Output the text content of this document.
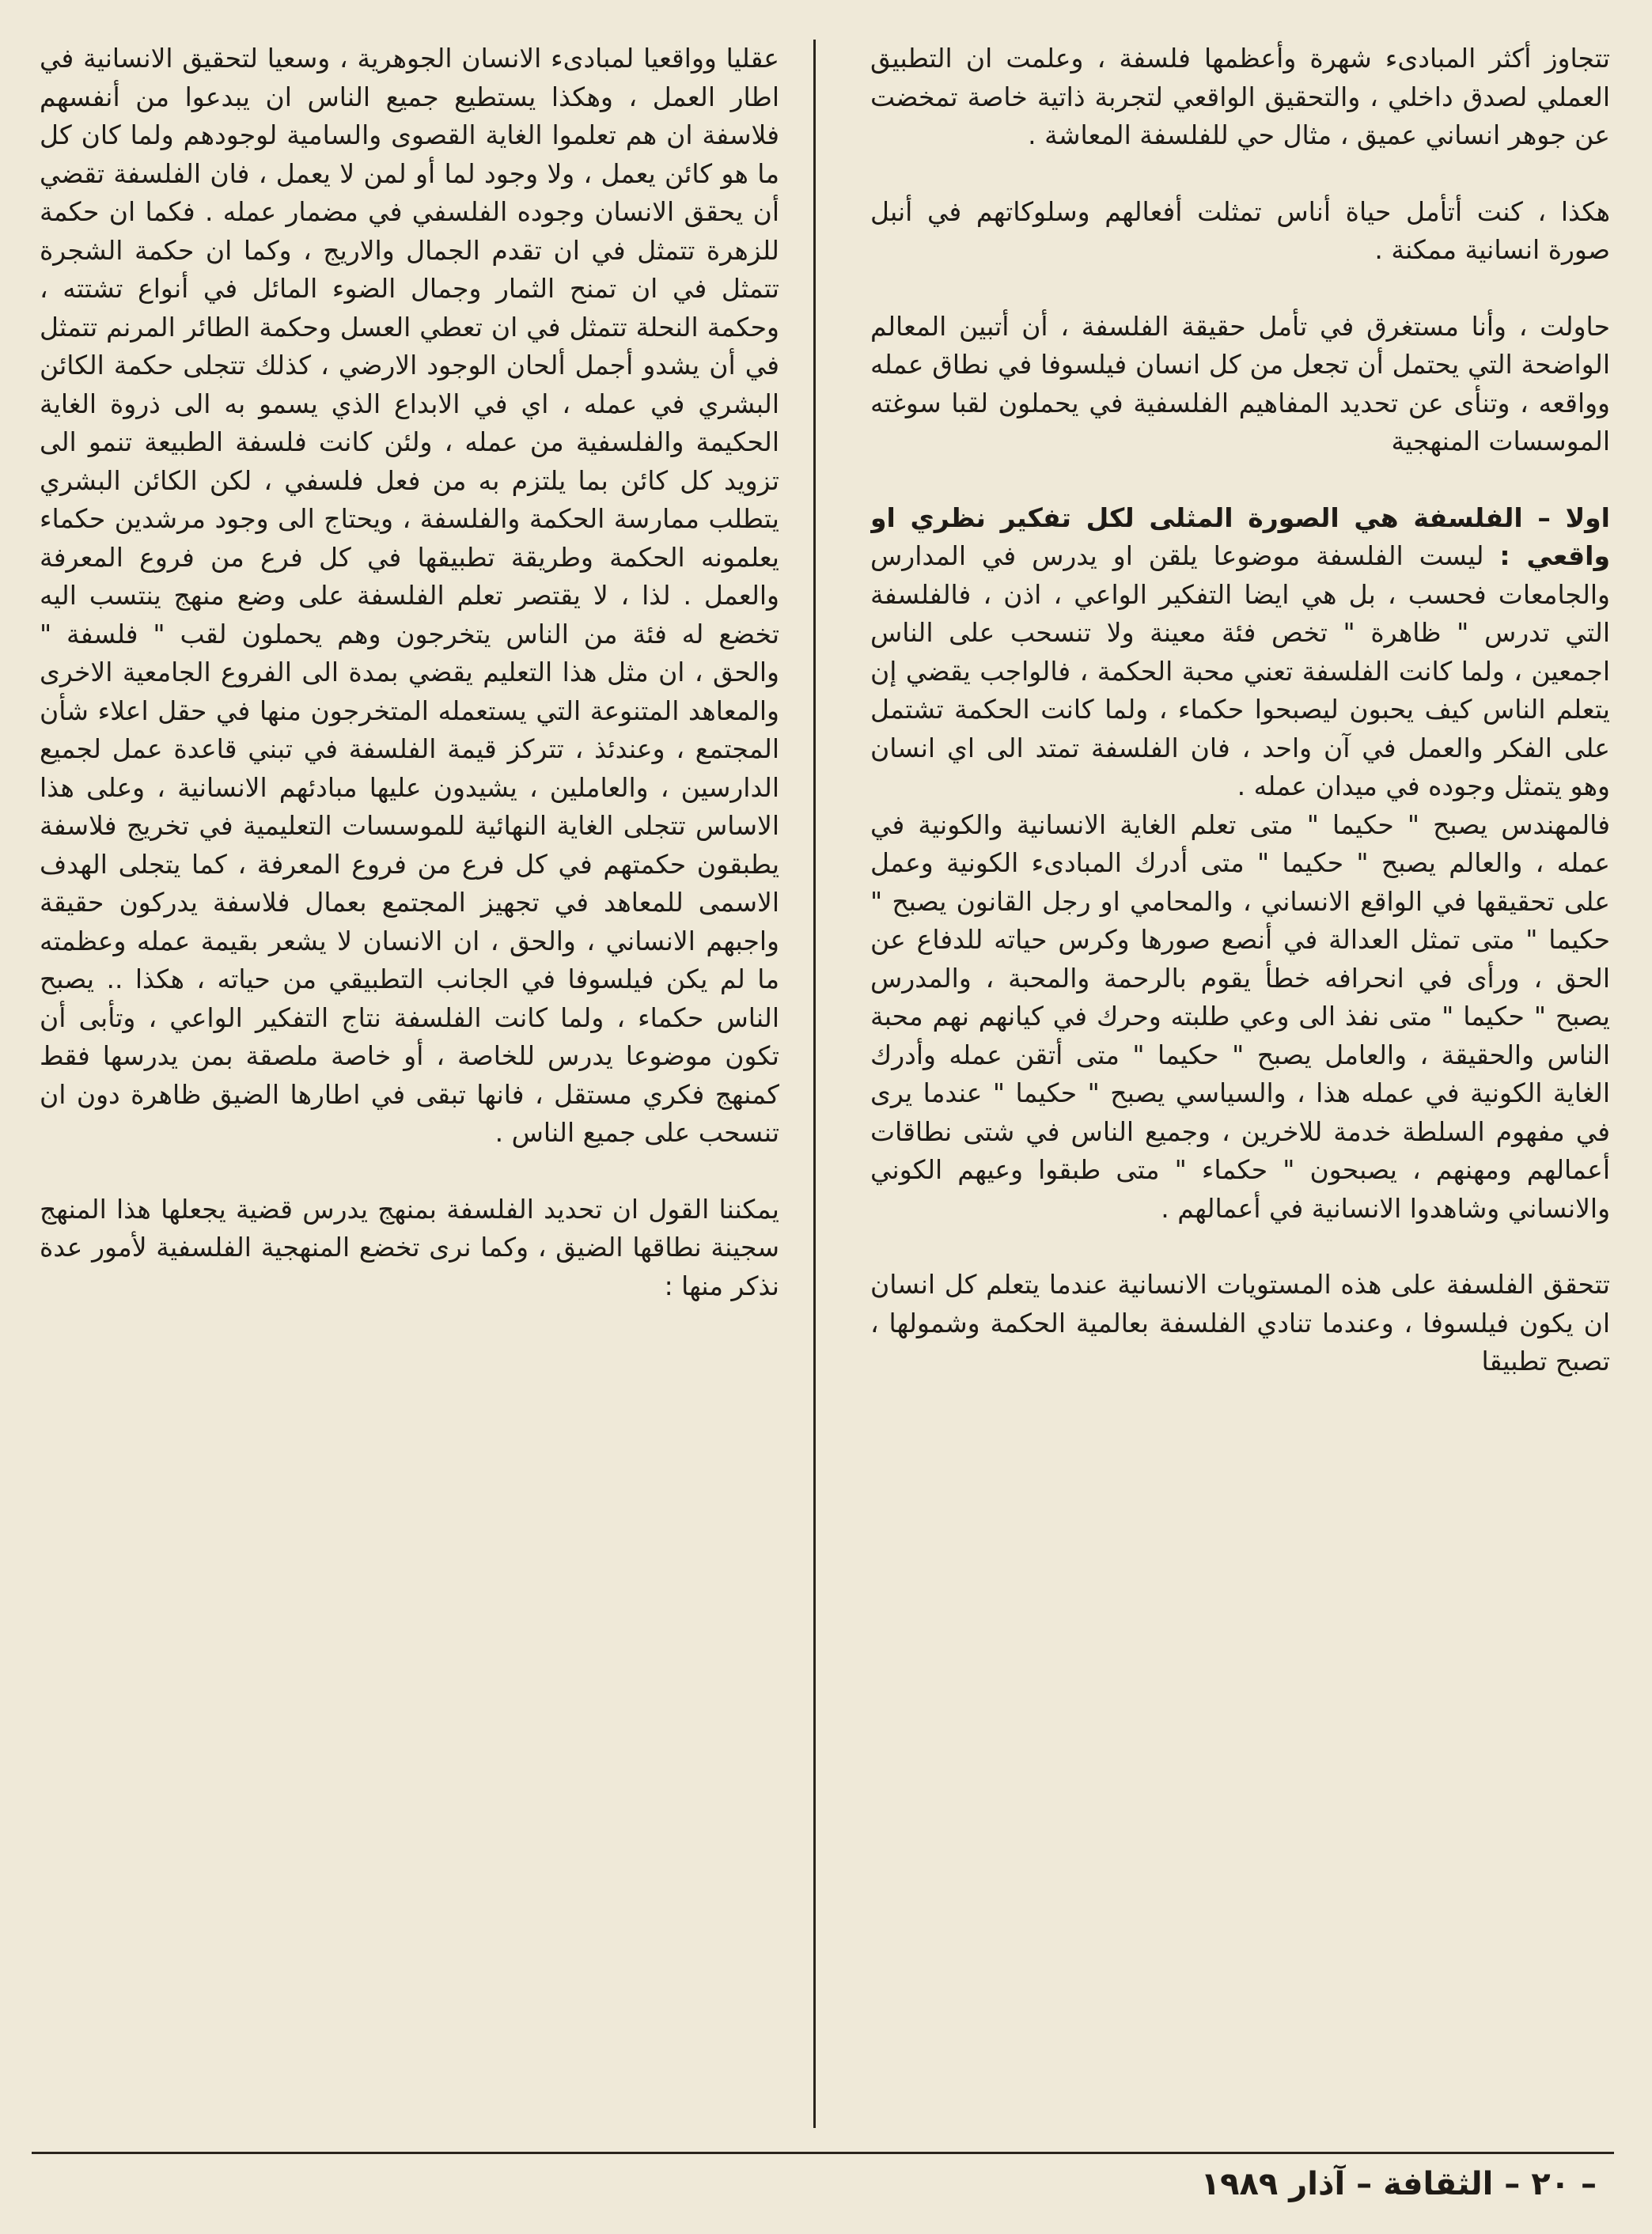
تتجاوز أكثر المبادىء شهرة وأعظمها فلسفة ، وعلمت ان التطبيق العملي لصدق داخلي ، والتحقيق الواقعي لتجربة ذاتية خاصة تمخضت عن جوهر انساني عميق ، مثال حي للفلسفة المعاشة .

هكذا ، كنت أتأمل حياة أناس تمثلت أفعالهم وسلوكاتهم في أنبل صورة انسانية ممكنة .

حاولت ، وأنا مستغرق في تأمل حقيقة الفلسفة ، أن أتبين المعالم الواضحة التي يحتمل أن تجعل من كل انسان فيلسوفا في نطاق عمله وواقعه ، وتنأى عن تحديد المفاهيم الفلسفية في يحملون لقبا سوغته الموسسات المنهجية

اولا – الفلسفة هي الصورة المثلى لكل تفكير نظري او واقعي : ليست الفلسفة موضوعا يلقن او يدرس في المدارس والجامعات فحسب ، بل هي ايضا التفكير الواعي ، اذن ، فالفلسفة التي تدرس " ظاهرة " تخص فئة معينة ولا تنسحب على الناس اجمعين ، ولما كانت الفلسفة تعني محبة الحكمة ، فالواجب يقضي إن يتعلم الناس كيف يحبون ليصبحوا حكماء ، ولما كانت الحكمة تشتمل على الفكر والعمل في آن واحد ، فان الفلسفة تمتد الى اي انسان وهو يتمثل وجوده في ميدان عمله .

فالمهندس يصبح " حكيما " متى تعلم الغاية الانسانية والكونية في عمله ، والعالم يصبح " حكيما " متى أدرك المبادىء الكونية وعمل على تحقيقها في الواقع الانساني ، والمحامي او رجل القانون يصبح " حكيما " متى تمثل العدالة في أنصع صورها وكرس حياته للدفاع عن الحق ، ورأى في انحرافه خطأ يقوم بالرحمة والمحبة ، والمدرس يصبح " حكيما " متى نفذ الى وعي طلبته وحرك في كيانهم نهم محبة الناس والحقيقة ، والعامل يصبح " حكيما " متى أتقن عمله وأدرك الغاية الكونية في عمله هذا ، والسياسي يصبح " حكيما " عندما يرى في مفهوم السلطة خدمة للاخرين ، وجميع الناس في شتى نطاقات أعمالهم ومهنهم ، يصبحون " حكماء " متى طبقوا وعيهم الكوني والانساني وشاهدوا الانسانية في أعمالهم .

تتحقق الفلسفة على هذه المستويات الانسانية عندما يتعلم كل انسان ان يكون فيلسوفا ، وعندما تنادي الفلسفة بعالمية الحكمة وشمولها ، تصبح تطبيقا

عقليا وواقعيا لمبادىء الانسان الجوهرية ، وسعيا لتحقيق الانسانية في اطار العمل ، وهكذا يستطيع جميع الناس ان يبدعوا من أنفسهم فلاسفة ان هم تعلموا الغاية القصوى والسامية لوجودهم ولما كان كل ما هو كائن يعمل ، ولا وجود لما أو لمن لا يعمل ، فان الفلسفة تقضي أن يحقق الانسان وجوده الفلسفي في مضمار عمله . فكما ان حكمة للزهرة تتمثل في ان تقدم الجمال والاريج ، وكما ان حكمة الشجرة تتمثل في ان تمنح الثمار وجمال الضوء المائل في أنواع تشتته ، وحكمة النحلة تتمثل في ان تعطي العسل وحكمة الطائر المرنم تتمثل في أن يشدو أجمل ألحان الوجود الارضي ، كذلك تتجلى حكمة الكائن البشري في عمله ، اي في الابداع الذي يسمو به الى ذروة الغاية الحكيمة والفلسفية من عمله ، ولئن كانت فلسفة الطبيعة تنمو الى تزويد كل كائن بما يلتزم به من فعل فلسفي ، لكن الكائن البشري يتطلب ممارسة الحكمة والفلسفة ، ويحتاج الى وجود مرشدين حكماء يعلمونه الحكمة وطريقة تطبيقها في كل فرع من فروع المعرفة والعمل . لذا ، لا يقتصر تعلم الفلسفة على وضع منهج ينتسب اليه تخضع له فئة من الناس يتخرجون وهم يحملون لقب " فلسفة " والحق ، ان مثل هذا التعليم يقضي بمدة الى الفروع الجامعية الاخرى والمعاهد المتنوعة التي يستعمله المتخرجون منها في حقل اعلاء شأن المجتمع ، وعندئذ ، تتركز قيمة الفلسفة في تبني قاعدة عمل لجميع الدارسين ، والعاملين ، يشيدون عليها مبادئهم الانسانية ، وعلى هذا الاساس تتجلى الغاية النهائية للموسسات التعليمية في تخريج فلاسفة يطبقون حكمتهم في كل فرع من فروع المعرفة ، كما يتجلى الهدف الاسمى للمعاهد في تجهيز المجتمع بعمال فلاسفة يدركون حقيقة واجبهم الانساني ، والحق ، ان الانسان لا يشعر بقيمة عمله وعظمته ما لم يكن فيلسوفا في الجانب التطبيقي من حياته ، هكذا .. يصبح الناس حكماء ، ولما كانت الفلسفة نتاج التفكير الواعي ، وتأبى أن تكون موضوعا يدرس للخاصة ، أو خاصة ملصقة بمن يدرسها فقط كمنهج فكري مستقل ، فانها تبقى في اطارها الضيق ظاهرة دون ان تنسحب على جميع الناس .

يمكننا القول ان تحديد الفلسفة بمنهج يدرس قضية يجعلها هذا المنهج سجينة نطاقها الضيق ، وكما نرى تخضع المنهجية الفلسفية لأمور عدة نذكر منها :

– ٢٠ – الثقافة – آذار ١٩٨٩
